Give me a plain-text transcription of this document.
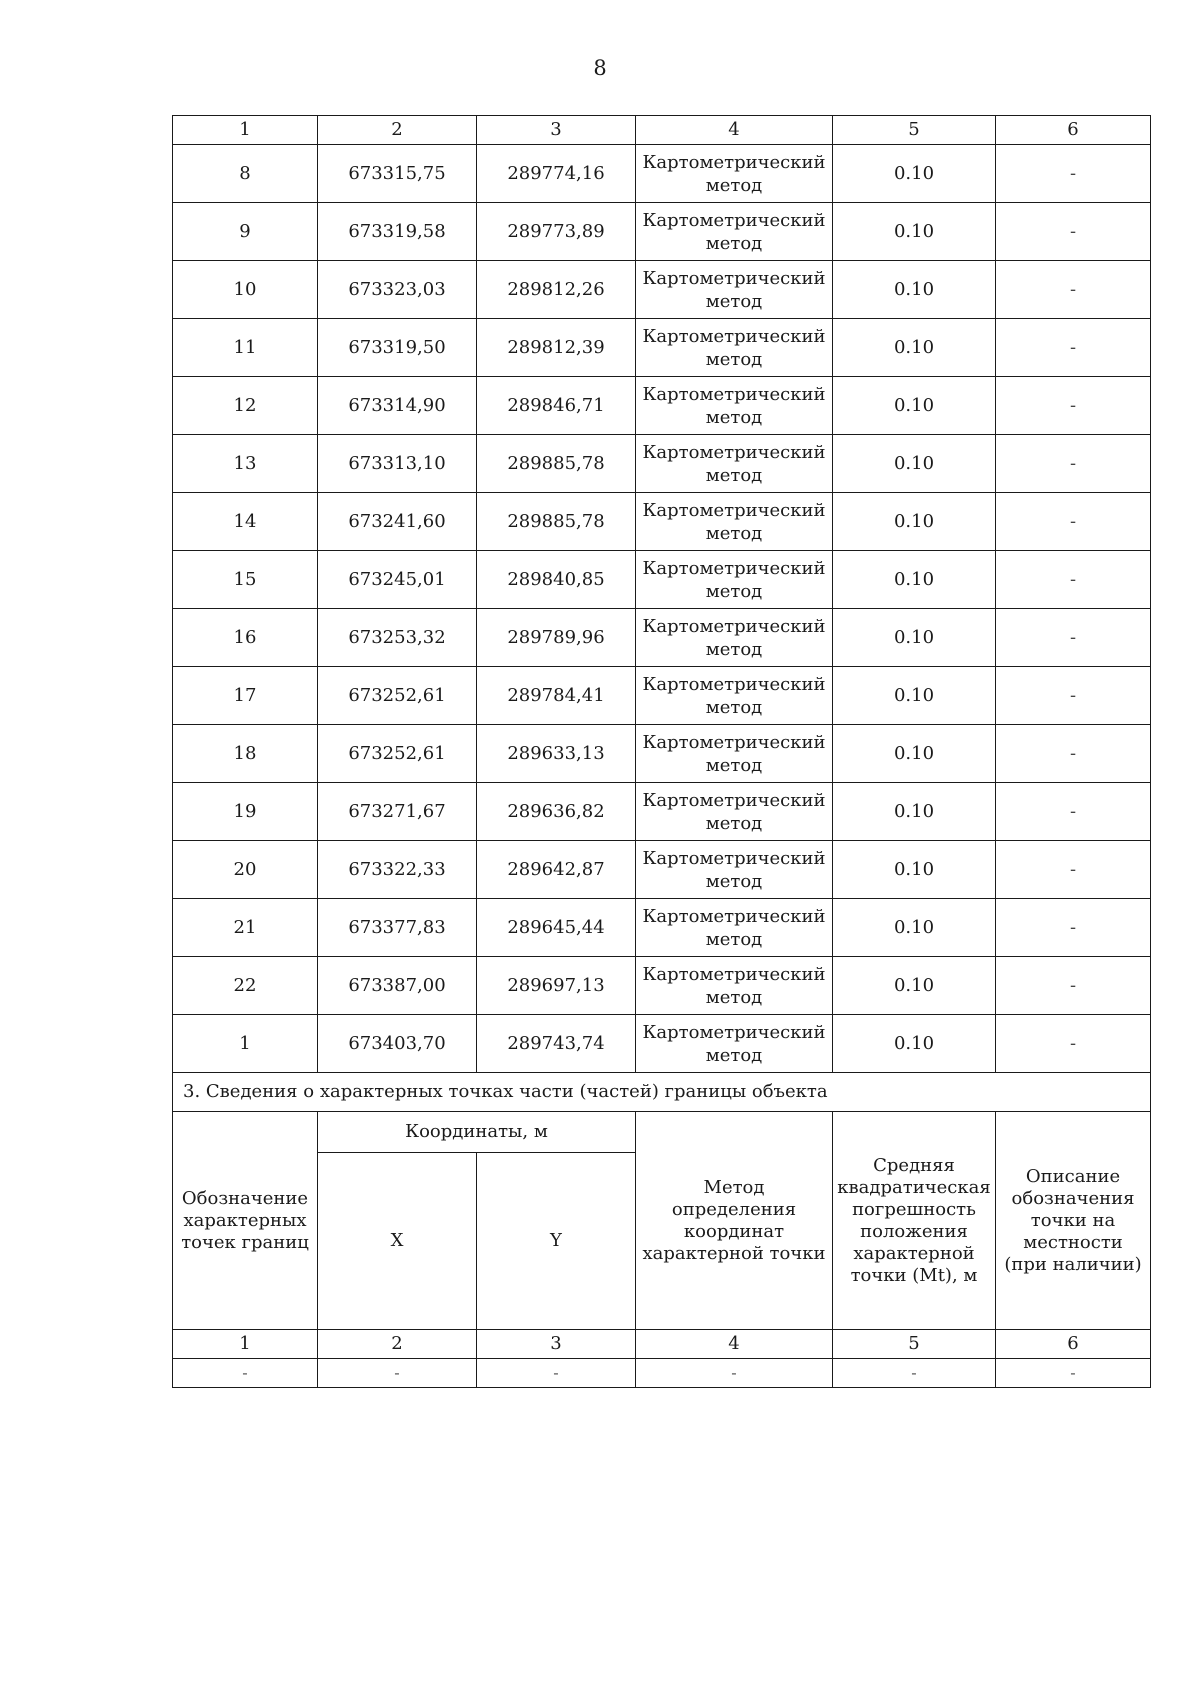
8
1	2	3	4	5	6
8	673315,75	289774,16	Картометрический метод	0.10	-
9	673319,58	289773,89	Картометрический метод	0.10	-
10	673323,03	289812,26	Картометрический метод	0.10	-
11	673319,50	289812,39	Картометрический метод	0.10	-
12	673314,90	289846,71	Картометрический метод	0.10	-
13	673313,10	289885,78	Картометрический метод	0.10	-
14	673241,60	289885,78	Картометрический метод	0.10	-
15	673245,01	289840,85	Картометрический метод	0.10	-
16	673253,32	289789,96	Картометрический метод	0.10	-
17	673252,61	289784,41	Картометрический метод	0.10	-
18	673252,61	289633,13	Картометрический метод	0.10	-
19	673271,67	289636,82	Картометрический метод	0.10	-
20	673322,33	289642,87	Картометрический метод	0.10	-
21	673377,83	289645,44	Картометрический метод	0.10	-
22	673387,00	289697,13	Картометрический метод	0.10	-
1	673403,70	289743,74	Картометрический метод	0.10	-
3. Сведения о характерных точках части (частей) границы объекта					
Обозначение характерных точек границ	Координаты, м		Метод определения координат характерной точки	Средняя квадратическая погрешность положения характерной точки (Mt), м	Описание обозначения точки на местности (при наличии)
	X	Y			
1	2	3	4	5	6
-	-	-	-	-	-
